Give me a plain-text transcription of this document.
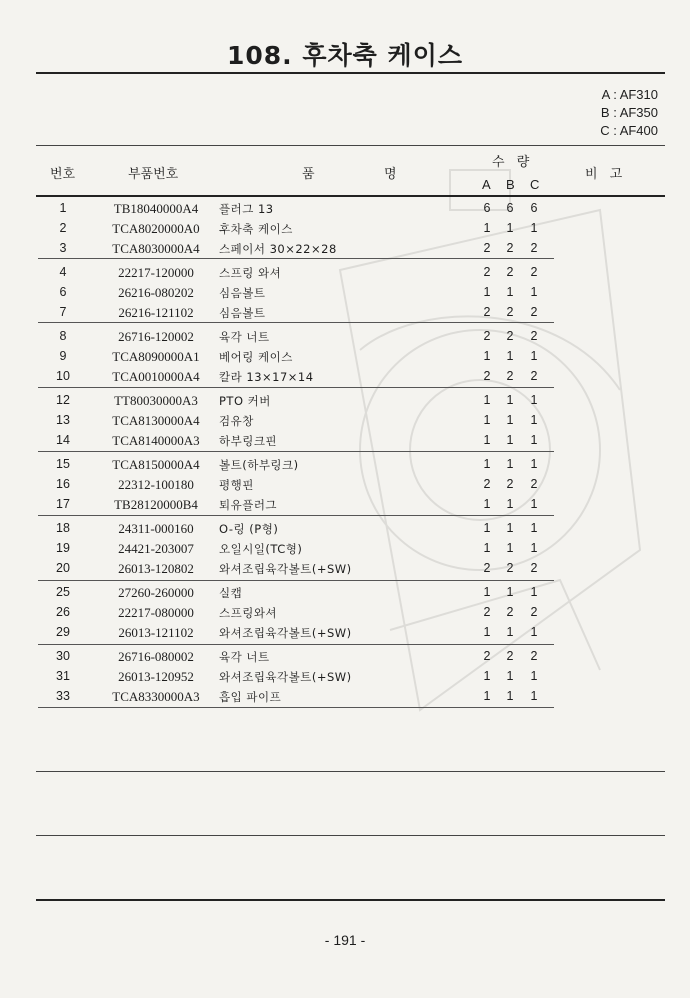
108. 후차축 케이스
A : AF310
B : AF350
C : AF400
번호	부품번호	품	명
수 량
A B C
비 고
1	TB18040000A4	플러그 13	6 6 6
2	TCA8020000A0	후차축 케이스	1 1 1
3	TCA8030000A4	스페이서 30×22×28	2 2 2
4	22217-120000	스프링 와셔	2 2 2
6	26216-080202	심음볼트	1 1 1
7	26216-121102	심음볼트	2 2 2
8	26716-120002	육각 너트	2 2 2
9	TCA8090000A1	베어링 케이스	1 1 1
10	TCA0010000A4	칼라 13×17×14	2 2 2
12	TT80030000A3	PTO 커버	1 1 1
13	TCA8130000A4	검유창	1 1 1
14	TCA8140000A3	하부링크핀	1 1 1
15	TCA8150000A4	볼트(하부링크)	1 1 1
16	22312-100180	평행핀	2 2 2
17	TB28120000B4	퇴유플러그	1 1 1
18	24311-000160	O-링 (P형)	1 1 1
19	24421-203007	오일시일(TC형)	1 1 1
20	26013-120802	와셔조립육각볼트(+SW)	2 2 2
25	27260-260000	실캡	1 1 1
26	22217-080000	스프링와셔	2 2 2
29	26013-121102	와셔조립육각볼트(+SW)	1 1 1
30	26716-080002	육각 너트	2 2 2
31	26013-120952	와셔조립육각볼트(+SW)	1 1 1
33	TCA8330000A3	흡입 파이프	1 1 1
- 191 -
